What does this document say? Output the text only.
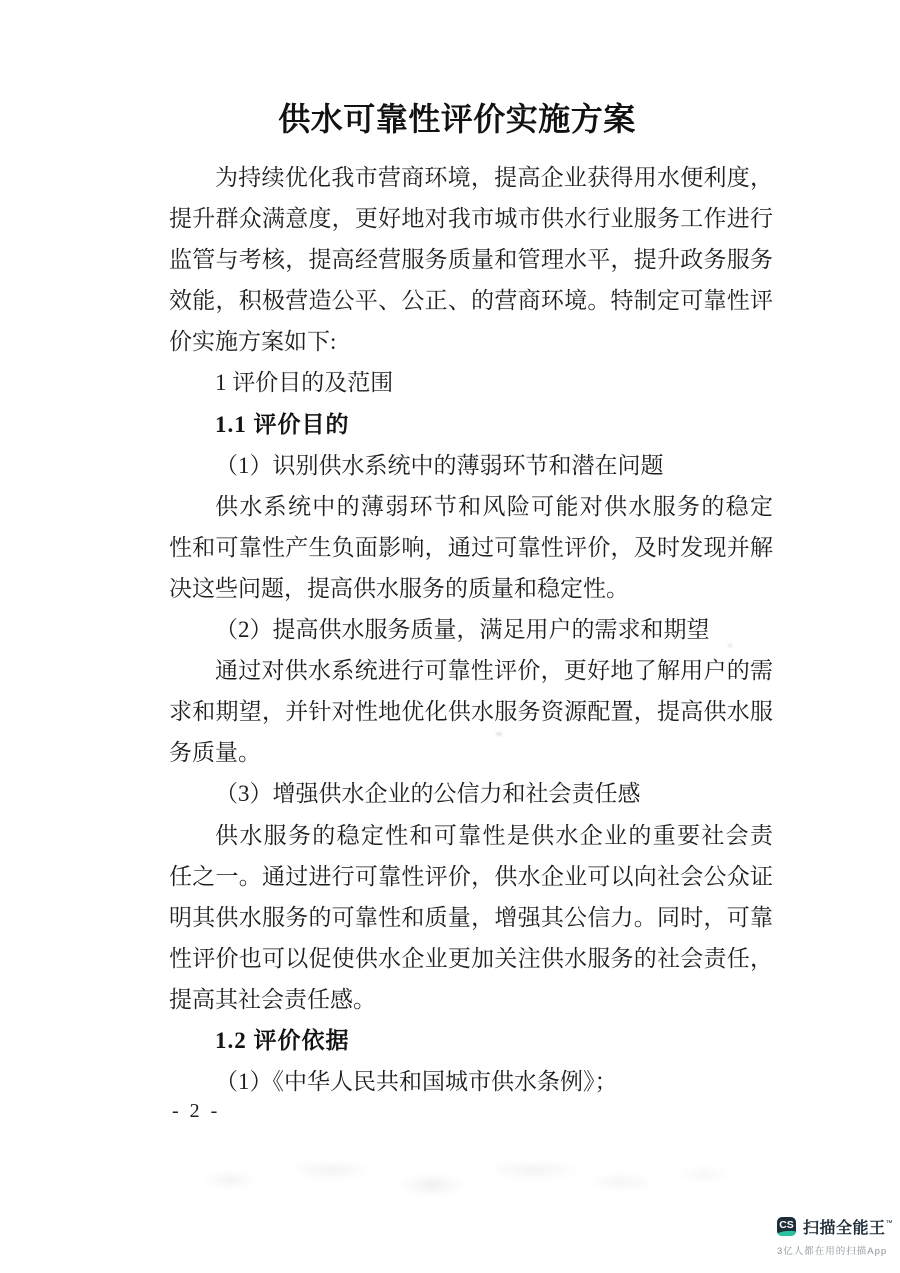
供水可靠性评价实施方案
为持续优化我市营商环境，提高企业获得用水便利度，
提升群众满意度，更好地对我市城市供水行业服务工作进行
监管与考核，提高经营服务质量和管理水平，提升政务服务
效能，积极营造公平、公正、的营商环境。特制定可靠性评
价实施方案如下:
1 评价目的及范围
1.1 评价目的
（1）识别供水系统中的薄弱环节和潜在问题
供水系统中的薄弱环节和风险可能对供水服务的稳定
性和可靠性产生负面影响，通过可靠性评价，及时发现并解
决这些问题，提高供水服务的质量和稳定性。
（2）提高供水服务质量，满足用户的需求和期望
通过对供水系统进行可靠性评价，更好地了解用户的需
求和期望，并针对性地优化供水服务资源配置，提高供水服
务质量。
（3）增强供水企业的公信力和社会责任感
供水服务的稳定性和可靠性是供水企业的重要社会责
任之一。通过进行可靠性评价，供水企业可以向社会公众证
明其供水服务的可靠性和质量，增强其公信力。同时，可靠
性评价也可以促使供水企业更加关注供水服务的社会责任，
提高其社会责任感。
1.2 评价依据
（1）《中华人民共和国城市供水条例》；
- 2 -
CS 扫描全能王™
3亿人都在用的扫描App
